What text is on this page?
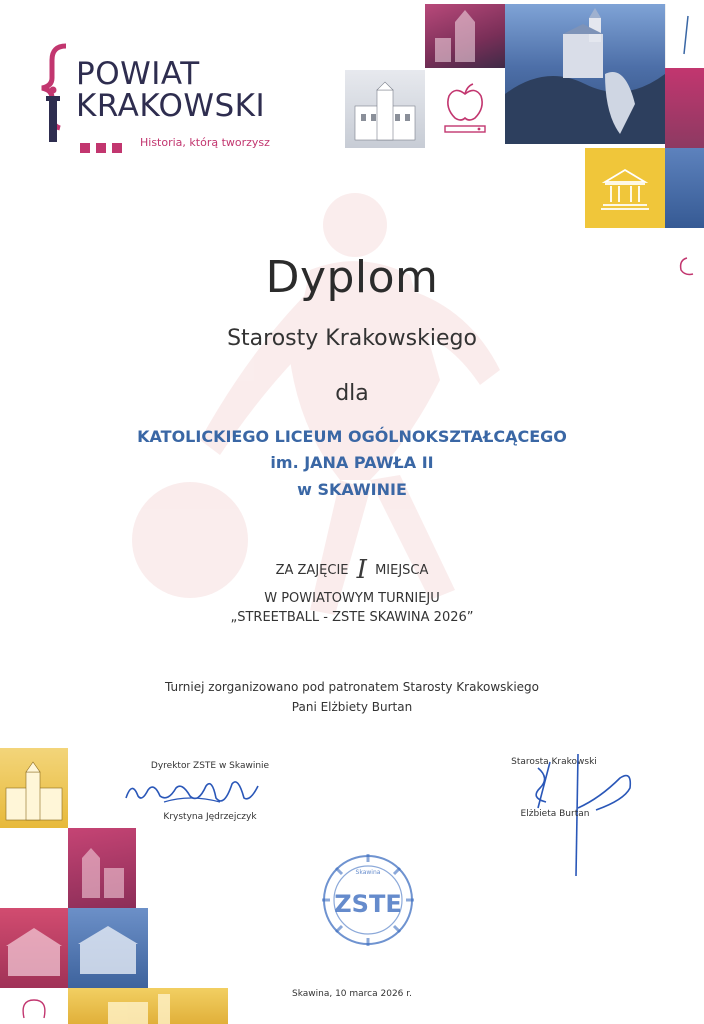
POWIAT
KRAKOWSKI
Historia, którą tworzysz
Dyplom
Starosty Krakowskiego
dla
KATOLICKIEGO LICEUM OGÓLNOKSZTAŁCĄCEGO
im. JANA PAWŁA II
w SKAWINIE
ZA ZAJĘCIE I MIEJSCA
W POWIATOWYM TURNIEJU
„STREETBALL - ZSTE SKAWINA 2026”
Turniej zorganizowano pod patronatem Starosty Krakowskiego
Pani Elżbiety Burtan
Dyrektor ZSTE w Skawinie
Krystyna Jędrzejczyk
Starosta Krakowski
Elżbieta Burtan
Skawina
ZSTE
Skawina, 10 marca 2026 r.
